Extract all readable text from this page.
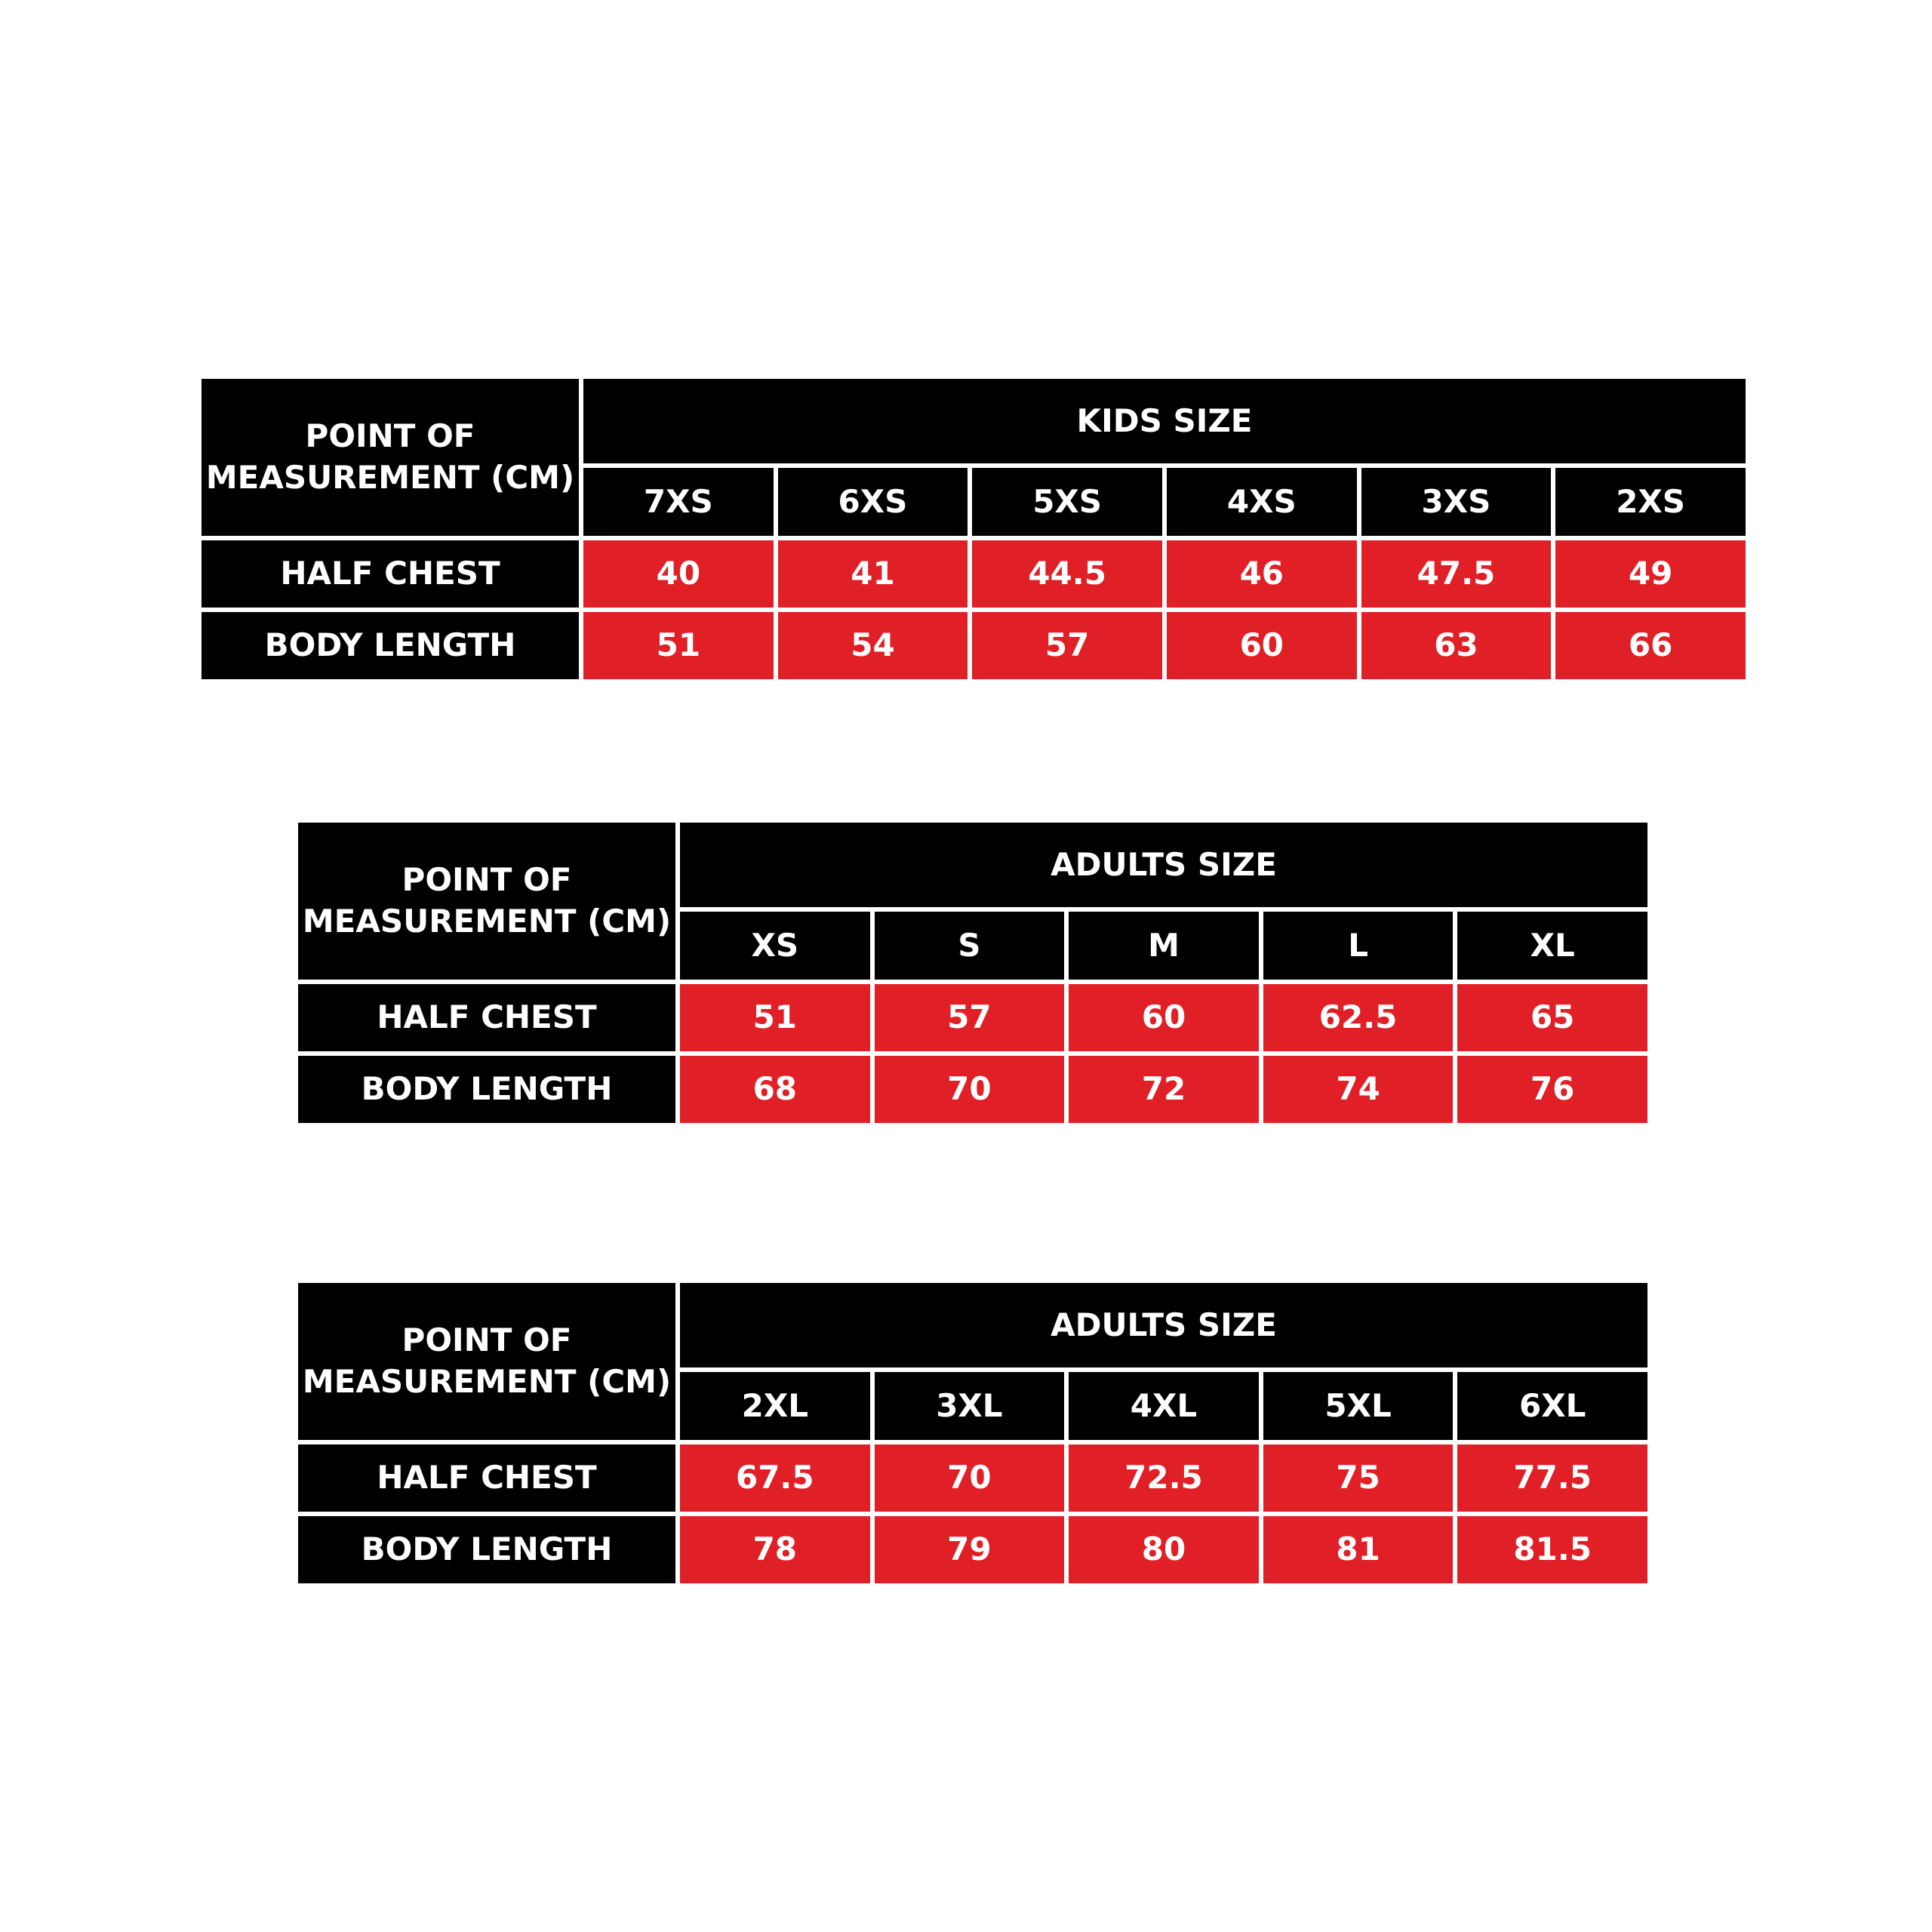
POINT OF MEASUREMENT (CM)	KIDS SIZE					
	7XS	6XS	5XS	4XS	3XS	2XS
HALF CHEST	40	41	44.5	46	47.5	49
BODY LENGTH	51	54	57	60	63	66
POINT OF MEASUREMENT (CM)	ADULTS SIZE				
	XS	S	M	L	XL
HALF CHEST	51	57	60	62.5	65
BODY LENGTH	68	70	72	74	76
POINT OF MEASUREMENT (CM)	ADULTS SIZE				
	2XL	3XL	4XL	5XL	6XL
HALF CHEST	67.5	70	72.5	75	77.5
BODY LENGTH	78	79	80	81	81.5
